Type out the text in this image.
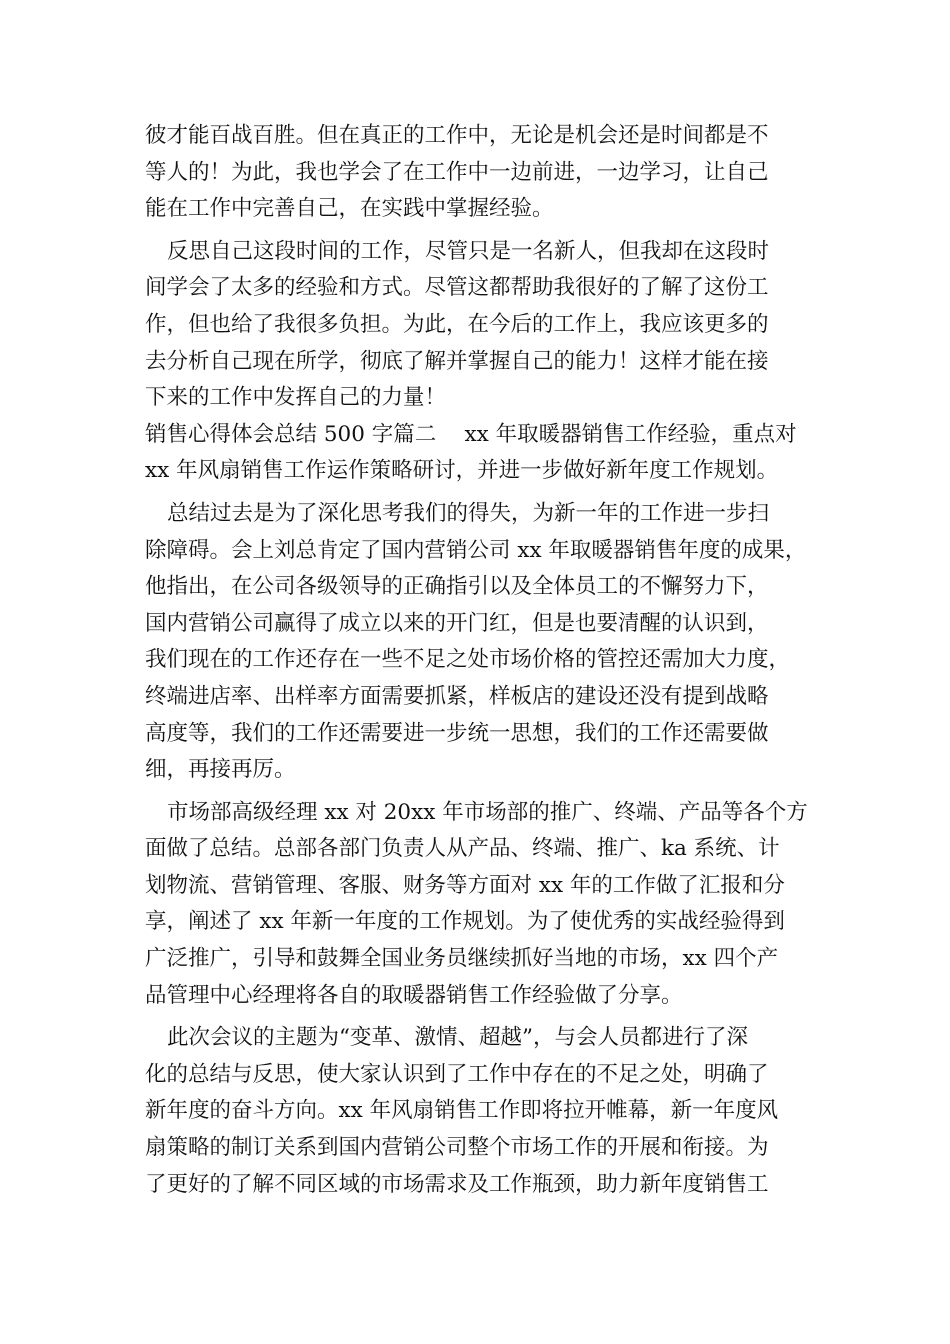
彼才能百战百胜。但在真正的工作中，无论是机会还是时间都是不
等人的！为此，我也学会了在工作中一边前进，一边学习，让自己
能在工作中完善自己，在实践中掌握经验。
反思自己这段时间的工作，尽管只是一名新人，但我却在这段时
间学会了太多的经验和方式。尽管这都帮助我很好的了解了这份工
作，但也给了我很多负担。为此，在今后的工作上，我应该更多的
去分析自己现在所学，彻底了解并掌握自己的能力！这样才能在接
下来的工作中发挥自己的力量！
销售心得体会总结 500 字篇二　 xx 年取暖器销售工作经验，重点对
xx 年风扇销售工作运作策略研讨，并进一步做好新年度工作规划。
总结过去是为了深化思考我们的得失，为新一年的工作进一步扫
除障碍。会上刘总肯定了国内营销公司 xx 年取暖器销售年度的成果，
他指出，在公司各级领导的正确指引以及全体员工的不懈努力下，
国内营销公司赢得了成立以来的开门红，但是也要清醒的认识到，
我们现在的工作还存在一些不足之处市场价格的管控还需加大力度，
终端进店率、出样率方面需要抓紧，样板店的建设还没有提到战略
高度等，我们的工作还需要进一步统一思想，我们的工作还需要做
细，再接再厉。
市场部高级经理 xx 对 20xx 年市场部的推广、终端、产品等各个方
面做了总结。总部各部门负责人从产品、终端、推广、ka 系统、计
划物流、营销管理、客服、财务等方面对 xx 年的工作做了汇报和分
享，阐述了 xx 年新一年度的工作规划。为了使优秀的实战经验得到
广泛推广，引导和鼓舞全国业务员继续抓好当地的市场，xx 四个产
品管理中心经理将各自的取暖器销售工作经验做了分享。
此次会议的主题为“变革、激情、超越”，与会人员都进行了深
化的总结与反思，使大家认识到了工作中存在的不足之处，明确了
新年度的奋斗方向。xx 年风扇销售工作即将拉开帷幕，新一年度风
扇策略的制订关系到国内营销公司整个市场工作的开展和衔接。为
了更好的了解不同区域的市场需求及工作瓶颈，助力新年度销售工
